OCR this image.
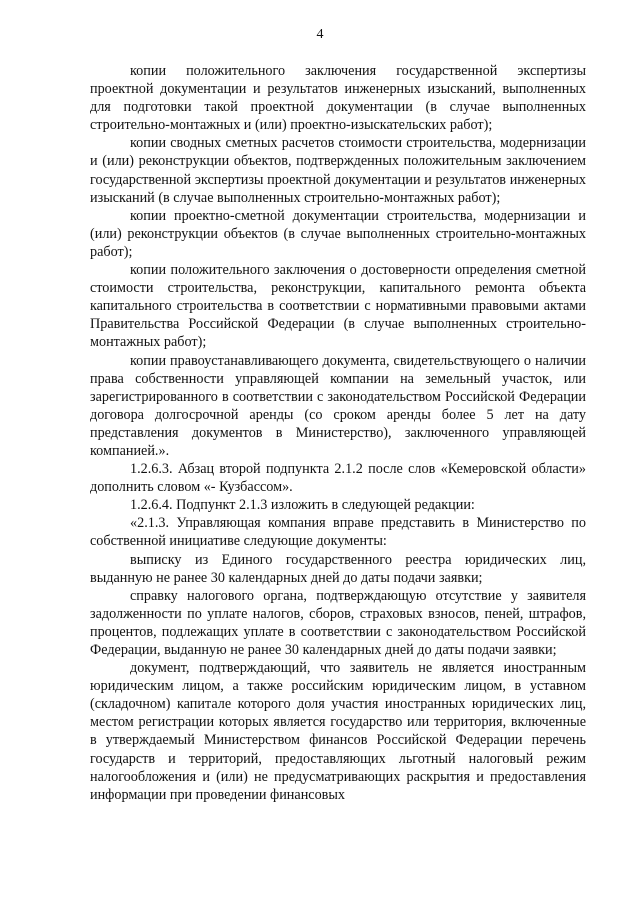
4

копии положительного заключения государственной экспертизы проектной документации и результатов инженерных изысканий, выполненных для подготовки такой проектной документации (в случае выполненных строительно-монтажных и (или) проектно-изыскательских работ);

копии сводных сметных расчетов стоимости строительства, модернизации и (или) реконструкции объектов, подтвержденных положительным заключением государственной экспертизы проектной документации и результатов инженерных изысканий (в случае выполненных строительно-монтажных работ);

копии проектно-сметной документации строительства, модернизации и (или) реконструкции объектов (в случае выполненных строительно-монтажных работ);

копии положительного заключения о достоверности определения сметной стоимости строительства, реконструкции, капитального ремонта объекта капитального строительства в соответствии с нормативными правовыми актами Правительства Российской Федерации (в случае выполненных строительно-монтажных работ);

копии правоустанавливающего документа, свидетельствующего о наличии права собственности управляющей компании на земельный участок, или зарегистрированного в соответствии с законодательством Российской Федерации договора долгосрочной аренды (со сроком аренды более 5 лет на дату представления документов в Министерство), заключенного управляющей компанией.».

1.2.6.3. Абзац второй подпункта 2.1.2 после слов «Кемеровской области» дополнить словом «- Кузбассом».

1.2.6.4. Подпункт 2.1.3 изложить в следующей редакции:

«2.1.3. Управляющая компания вправе представить в Министерство по собственной инициативе следующие документы:

выписку из Единого государственного реестра юридических лиц, выданную не ранее 30 календарных дней до даты подачи заявки;

справку налогового органа, подтверждающую отсутствие у заявителя задолженности по уплате налогов, сборов, страховых взносов, пеней, штрафов, процентов, подлежащих уплате в соответствии с законодательством Российской Федерации, выданную не ранее 30 календарных дней до даты подачи заявки;

документ, подтверждающий, что заявитель не является иностранным юридическим лицом, а также российским юридическим лицом, в уставном (складочном) капитале которого доля участия иностранных юридических лиц, местом регистрации которых является государство или территория, включенные в утверждаемый Министерством финансов Российской Федерации перечень государств и территорий, предоставляющих льготный налоговый режим налогообложения и (или) не предусматривающих раскрытия и предоставления информации при проведении финансовых
